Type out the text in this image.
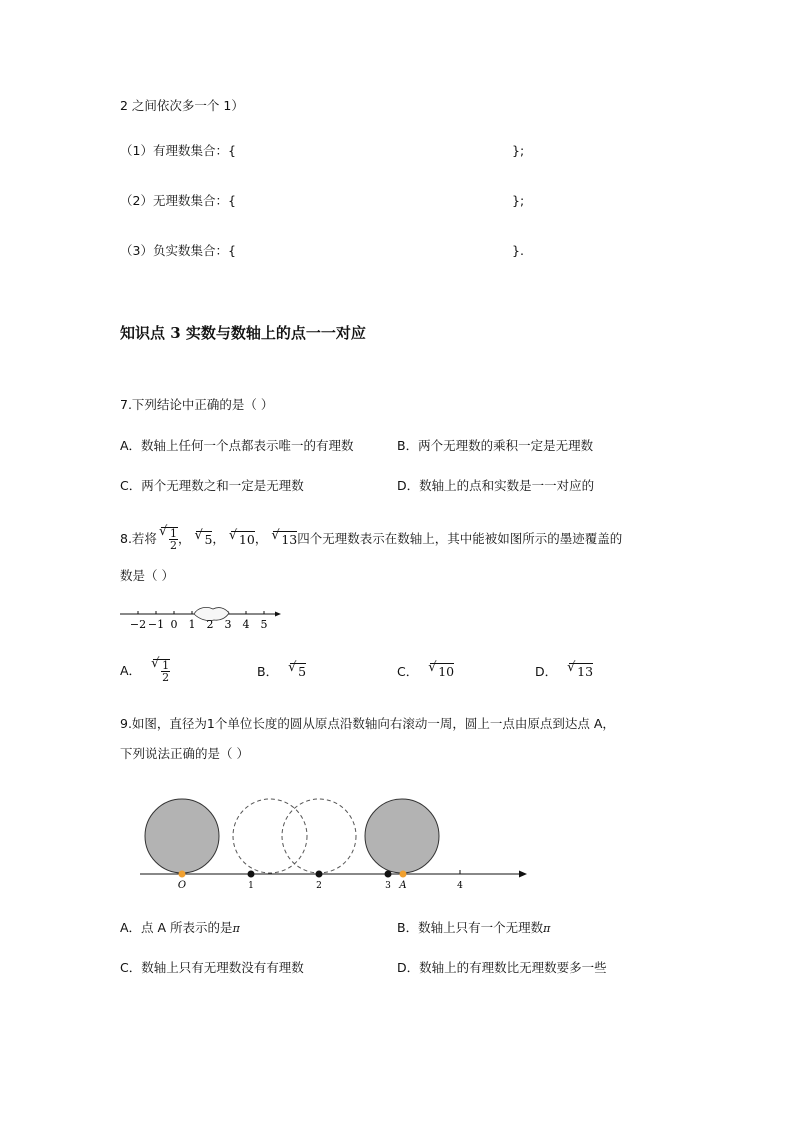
2 之间依次多一个 1）
（1）有理数集合：{	};
（2）无理数集合：{	};
（3）负实数集合：{	}.
知识点 3 实数与数轴上的点一一对应
7.下列结论中正确的是（ ）
A．数轴上任何一个点都表示唯一的有理数	B．两个无理数的乘积一定是无理数
C．两个无理数之和一定是无理数	D．数轴上的点和实数是一一对应的
8.若将 √ $\frac{1}{2}$ ，	√ 5 ，	√ 10 ，	√ 13 四个无理数表示在数轴上，其中能被如图所示的墨迹覆盖的
数是（ ）
−2 −1 0 1 2 3 4 5
A． √ $\frac{1}{2}$	B． √ 5	C． √ 10	D． √ 13
9.如图，直径为1个单位长度的圆从原点沿数轴向右滚动一周，圆上一点由原点到达点 A，
下列说法正确的是（ ）
O	1	2	3 A	4
A．点 A 所表示的是π	B．数轴上只有一个无理数π
C．数轴上只有无理数没有有理数	D．数轴上的有理数比无理数要多一些
